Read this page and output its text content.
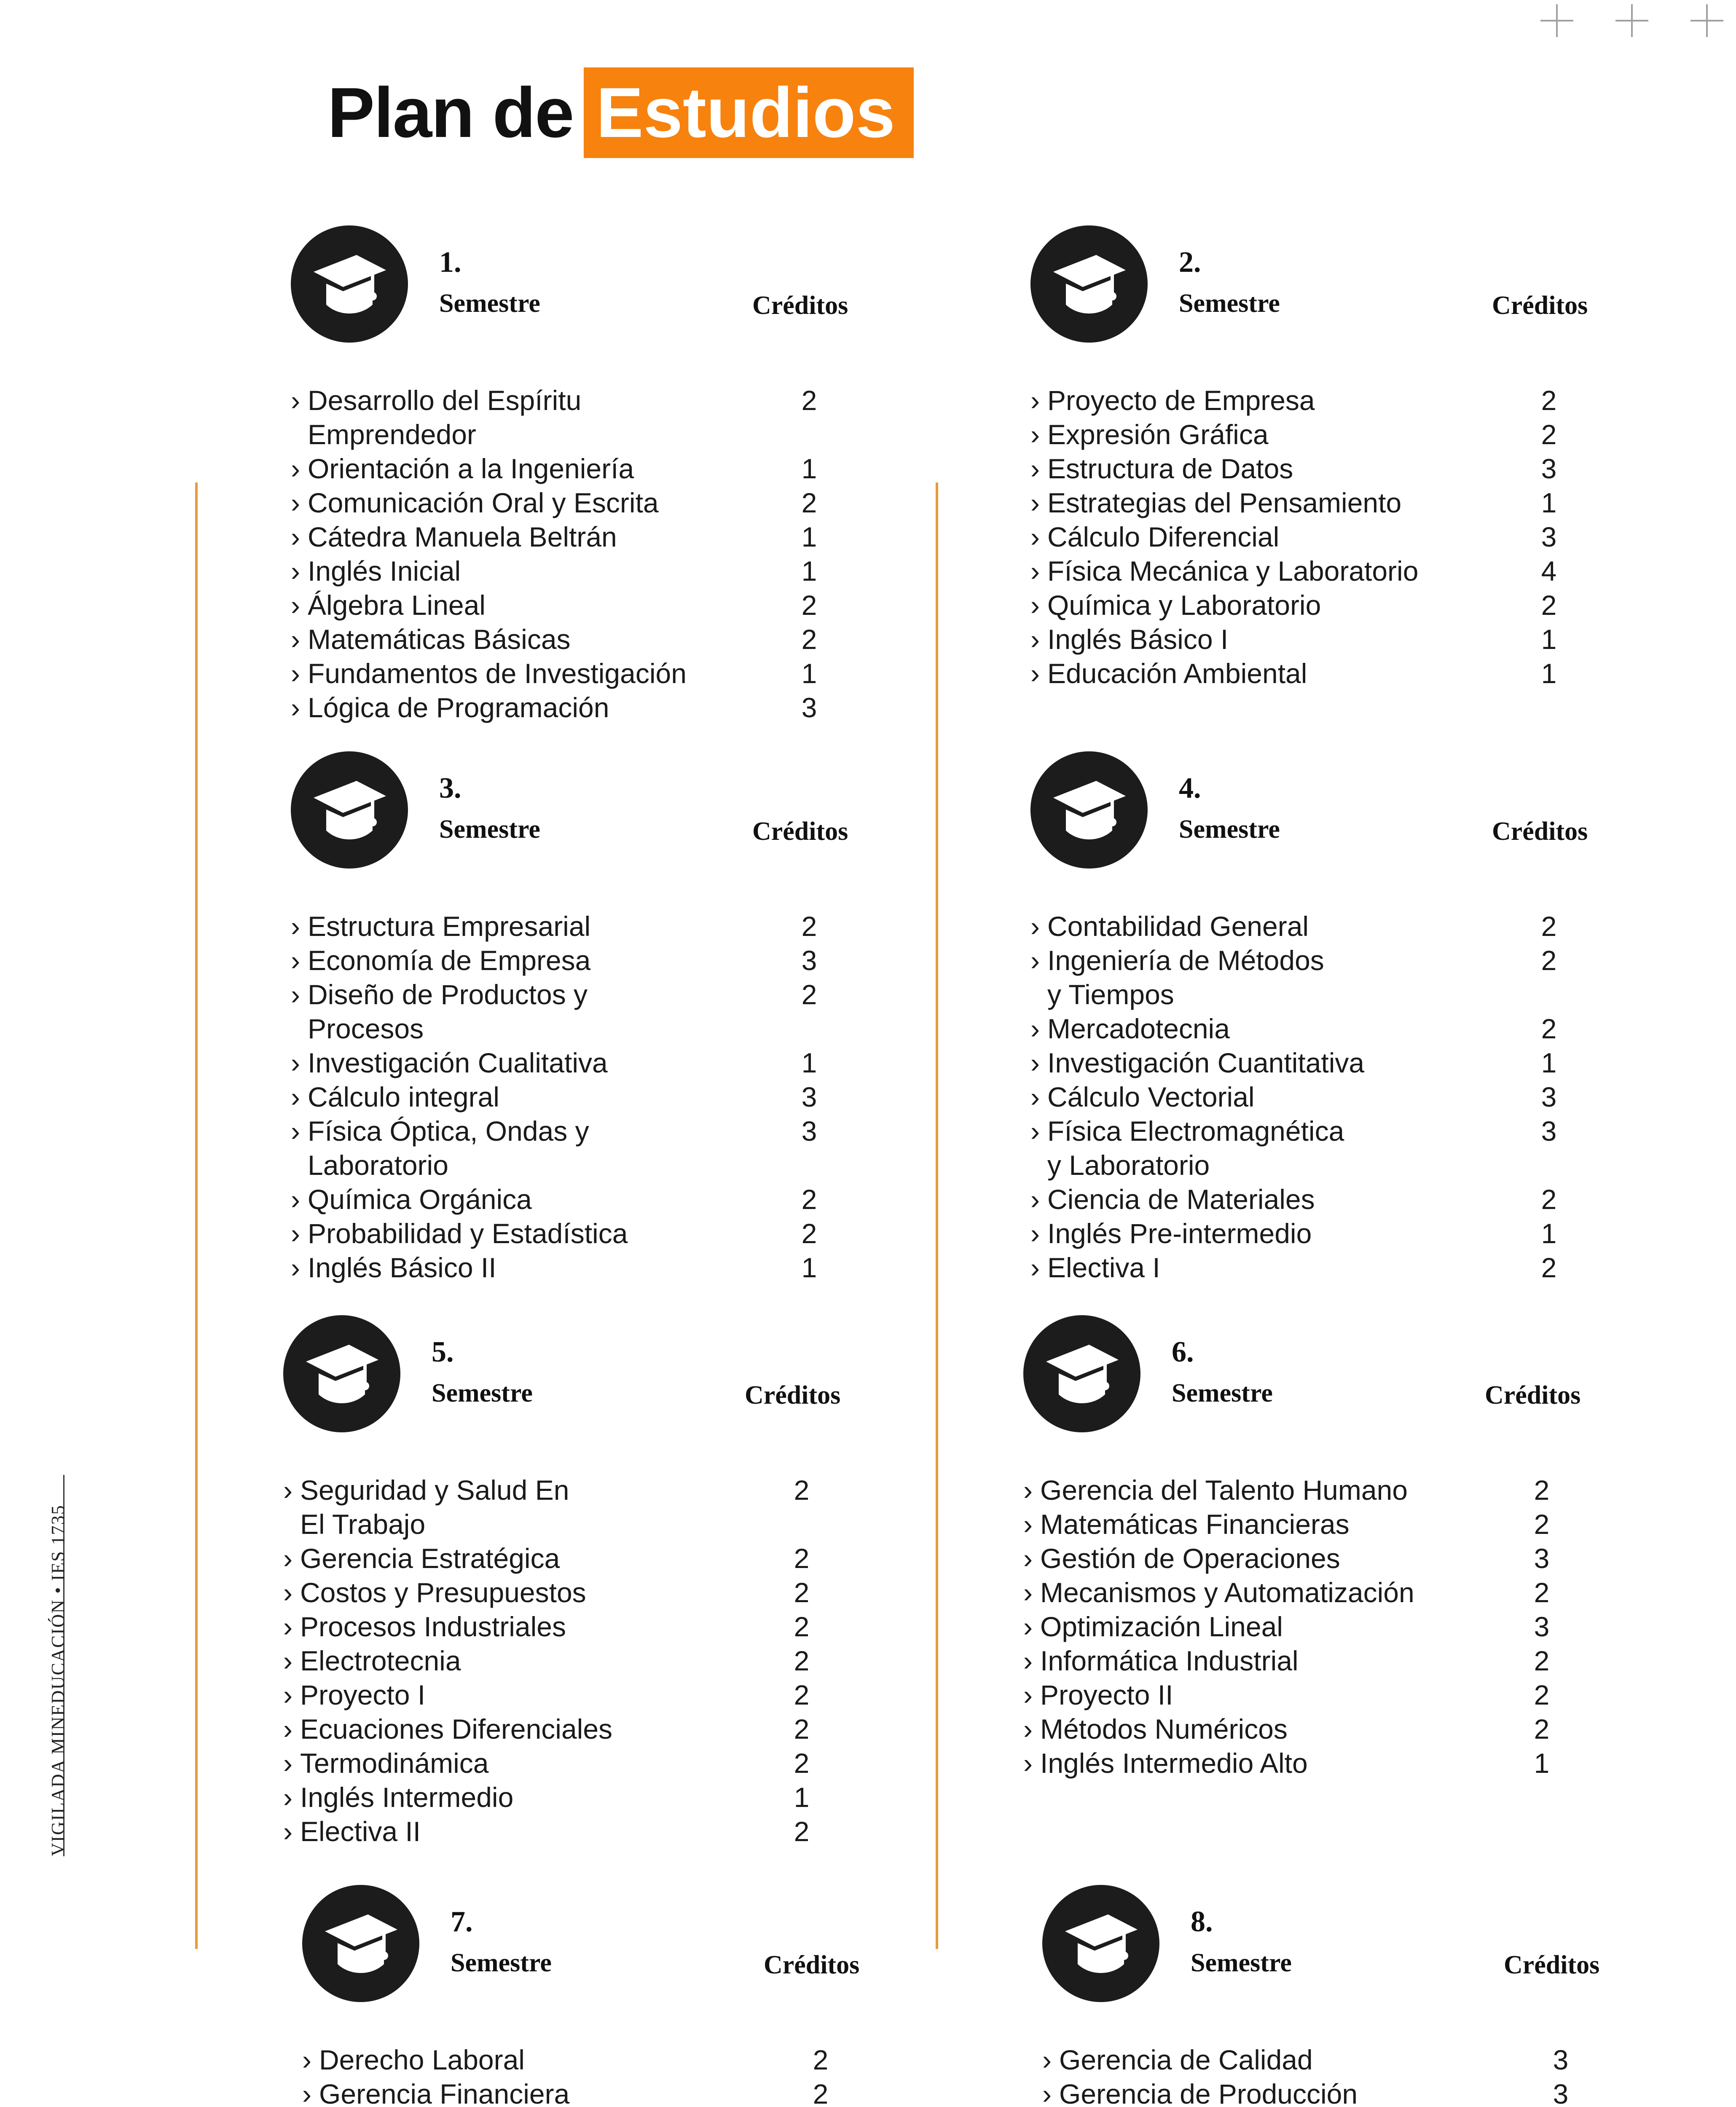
Plan de Estudios
VIGILADA MINEDUCACIÓN • IES 1735
1.
Semestre	Créditos
› Desarrollo del Espíritu	2
Emprendedor
› Orientación a la Ingeniería	1
› Comunicación Oral y Escrita	2
› Cátedra Manuela Beltrán	1
› Inglés Inicial	1
› Álgebra Lineal	2
› Matemáticas Básicas	2
› Fundamentos de Investigación	1
› Lógica de Programación	3
2.
Semestre	Créditos
› Proyecto de Empresa	2
› Expresión Gráfica	2
› Estructura de Datos	3
› Estrategias del Pensamiento	1
› Cálculo Diferencial	3
› Física Mecánica y Laboratorio	4
› Química y Laboratorio	2
› Inglés Básico I	1
› Educación Ambiental	1
3.
Semestre	Créditos
› Estructura Empresarial	2
› Economía de Empresa	3
› Diseño de Productos y	2
Procesos
› Investigación Cualitativa	1
› Cálculo integral	3
› Física Óptica, Ondas y	3
Laboratorio
› Química Orgánica	2
› Probabilidad y Estadística	2
› Inglés Básico II	1
4.
Semestre	Créditos
› Contabilidad General	2
› Ingeniería de Métodos	2
y Tiempos
› Mercadotecnia	2
› Investigación Cuantitativa	1
› Cálculo Vectorial	3
› Física Electromagnética	3
y Laboratorio
› Ciencia de Materiales	2
› Inglés Pre-intermedio	1
› Electiva I	2
5.
Semestre	Créditos
› Seguridad y Salud En	2
El Trabajo
› Gerencia Estratégica	2
› Costos y Presupuestos	2
› Procesos Industriales	2
› Electrotecnia	2
› Proyecto I	2
› Ecuaciones Diferenciales	2
› Termodinámica	2
› Inglés Intermedio	1
› Electiva II	2
6.
Semestre	Créditos
› Gerencia del Talento Humano	2
› Matemáticas Financieras	2
› Gestión de Operaciones	3
› Mecanismos y Automatización	2
› Optimización Lineal	3
› Informática Industrial	2
› Proyecto II	2
› Métodos Numéricos	2
› Inglés Intermedio Alto	1
7.
Semestre	Créditos
› Derecho Laboral	2
› Gerencia Financiera	2
8.
Semestre	Créditos
› Gerencia de Calidad	3
› Gerencia de Producción	3
